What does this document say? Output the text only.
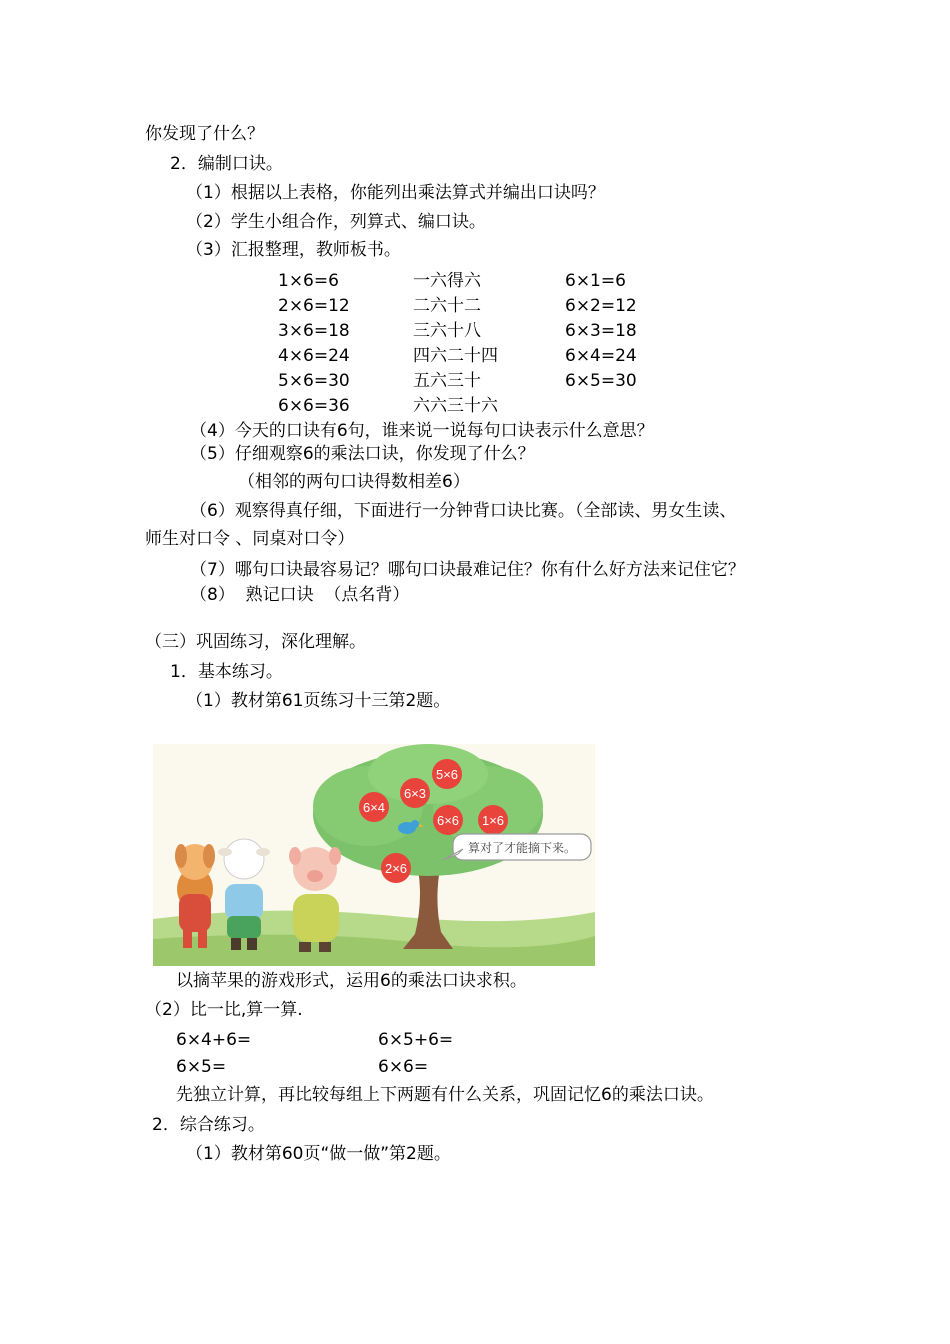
你发现了什么？
2．编制口诀。
（1）根据以上表格，你能列出乘法算式并编出口诀吗？
（2）学生小组合作，列算式、编口诀。
（3）汇报整理，教师板书。
1×6=6
2×6=12
3×6=18
4×6=24
5×6=30
6×6=36
一六得六
二六十二
三六十八
四六二十四
五六三十
六六三十六
6×1=6
6×2=12
6×3=18
6×4=24
6×5=30
（4）今天的口诀有6句，谁来说一说每句口诀表示什么意思？
（5）仔细观察6的乘法口诀，你发现了什么？
（相邻的两句口诀得数相差6）
（6）观察得真仔细，下面进行一分钟背口诀比赛。（全部读、男女生读、
师生对口令 、同桌对口令）
（7）哪句口诀最容易记？哪句口诀最难记住？你有什么好方法来记住它？
（8）  熟记口诀  （点名背）
（三）巩固练习，深化理解。
1．基本练习。
（1）教材第61页练习十三第2题。
5×6
6×3
6×4
6×6 1×6
2×6
算对了才能摘下来。
以摘苹果的游戏形式，运用6的乘法口诀求积。
（2）比一比,算一算.
6×4+6=	6×5+6=
6×5=	6×6=
先独立计算，再比较每组上下两题有什么关系，巩固记忆6的乘法口诀。
2．综合练习。
（1）教材第60页“做一做”第2题。
